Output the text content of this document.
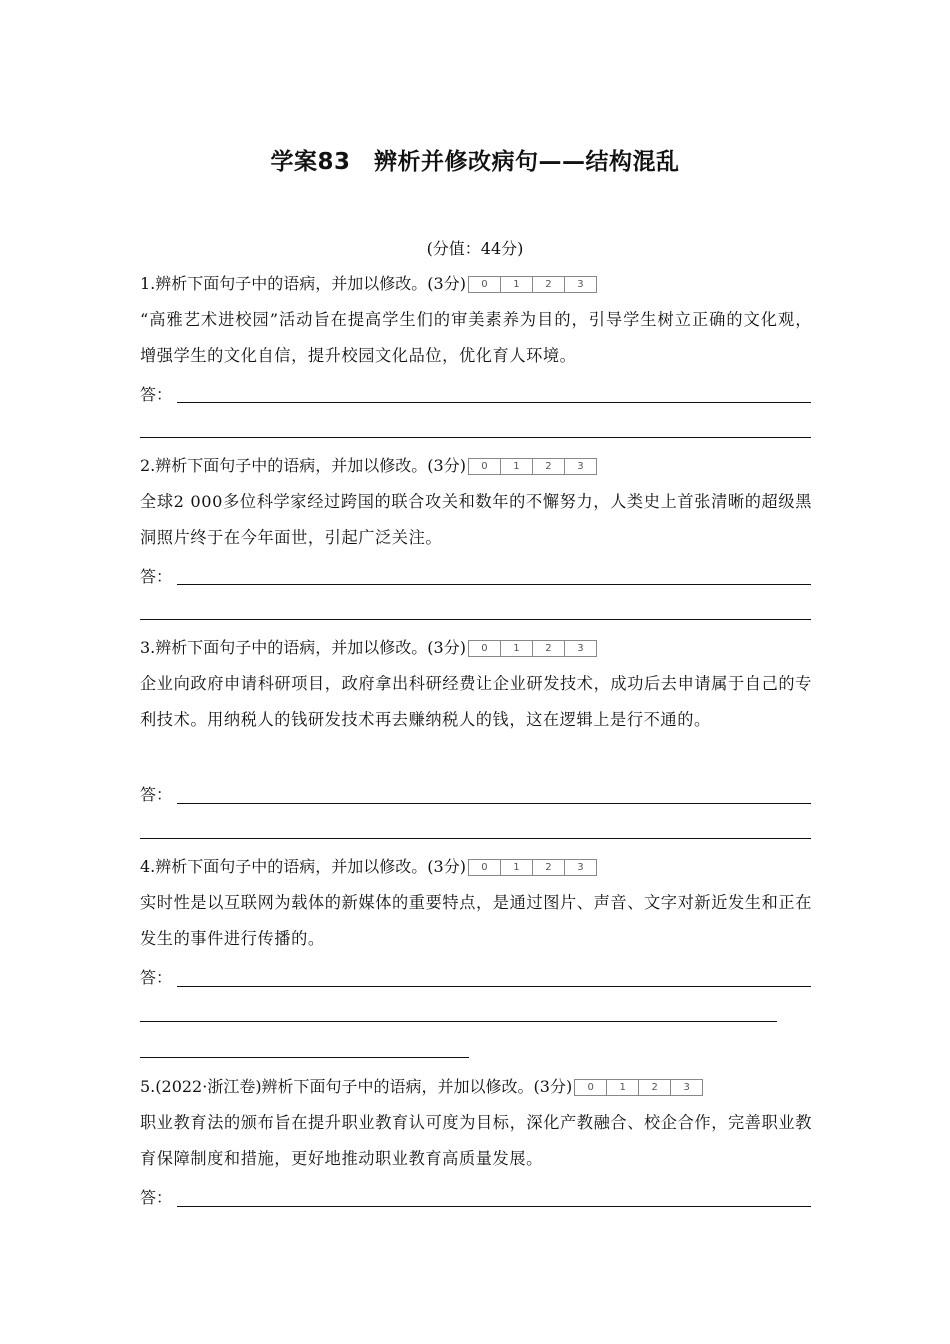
学案83　辨析并修改病句——结构混乱
(分值：44分)
1.辨析下面句子中的语病，并加以修改。(3分)	0	1	2	3
“高雅艺术进校园”活动旨在提高学生们的审美素养为目的，引导学生树立正确的文化观，增强学生的文化自信，提升校园文化品位，优化育人环境。
答：
2.辨析下面句子中的语病，并加以修改。(3分)	0	1	2	3
全球2 000多位科学家经过跨国的联合攻关和数年的不懈努力，人类史上首张清晰的超级黑洞照片终于在今年面世，引起广泛关注。
答：
3.辨析下面句子中的语病，并加以修改。(3分)	0	1	2	3
企业向政府申请科研项目，政府拿出科研经费让企业研发技术，成功后去申请属于自己的专利技术。用纳税人的钱研发技术再去赚纳税人的钱，这在逻辑上是行不通的。
答：
4.辨析下面句子中的语病，并加以修改。(3分)	0	1	2	3
实时性是以互联网为载体的新媒体的重要特点，是通过图片、声音、文字对新近发生和正在发生的事件进行传播的。
答：
5.(2022·浙江卷)辨析下面句子中的语病，并加以修改。(3分)	0	1	2	3
职业教育法的颁布旨在提升职业教育认可度为目标，深化产教融合、校企合作，完善职业教育保障制度和措施，更好地推动职业教育高质量发展。
答：
